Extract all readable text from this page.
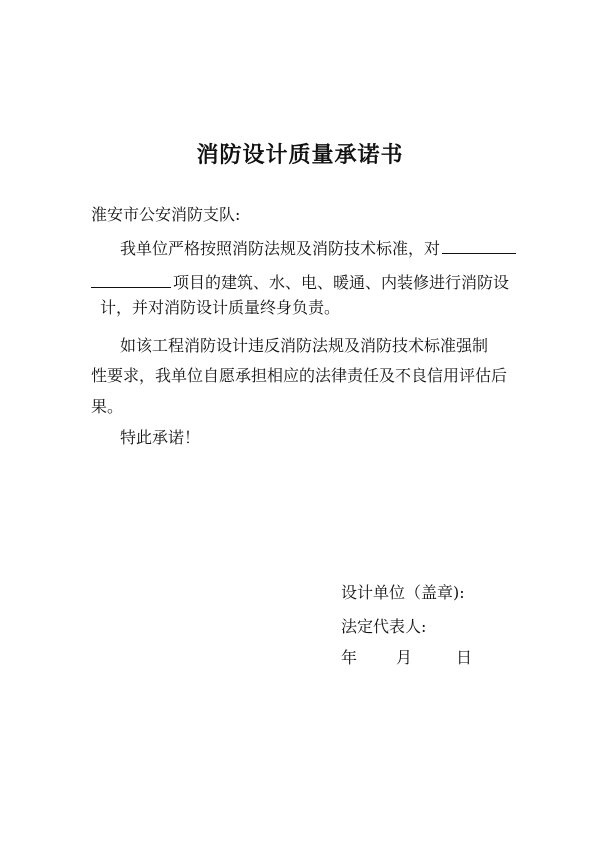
消防设计质量承诺书
淮安市公安消防支队:
我单位严格按照消防法规及消防技术标准，对
项目的建筑、水、电、暖通、内装修进行消防设
计，并对消防设计质量终身负责。
如该工程消防设计违反消防法规及消防技术标准强制
性要求，我单位自愿承担相应的法律责任及不良信用评估后
果。
特此承诺！
设计单位（盖章):
法定代表人:
年 月	日
